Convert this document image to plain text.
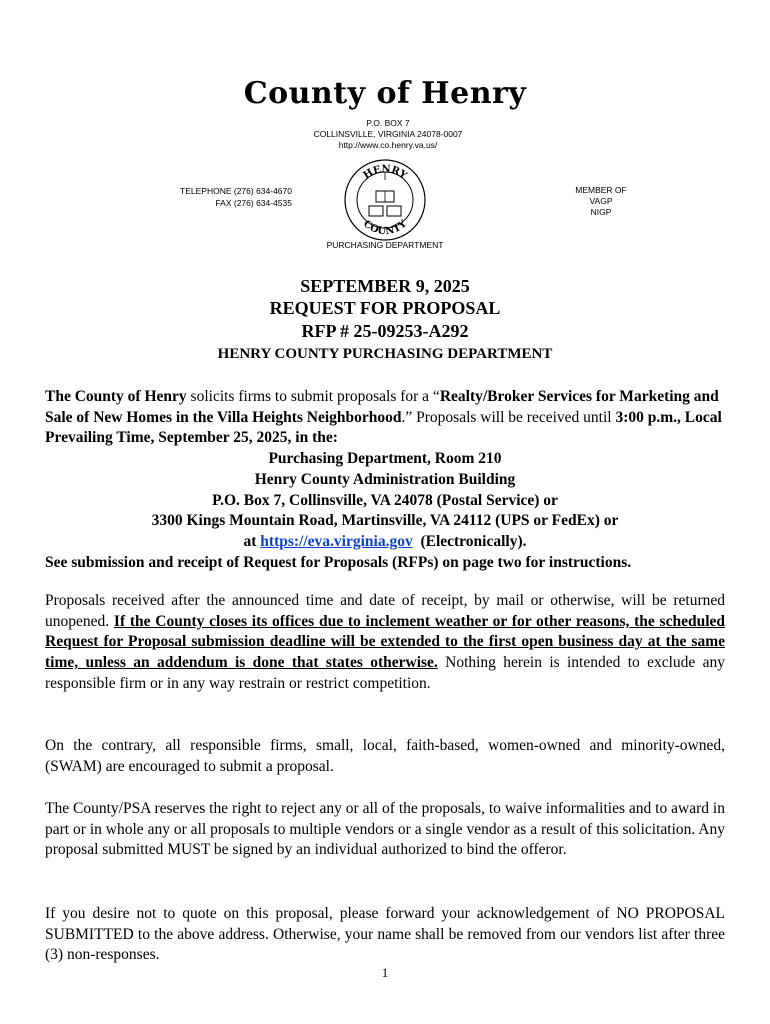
County of Henry
P.O. BOX 7
COLLINSVILLE, VIRGINIA 24078-0007
http://www.co.henry.va.us/
TELEPHONE (276) 634-4670
FAX (276) 634-4535
HENRY
COUNTY
MEMBER OF
VAGP
NIGP
PURCHASING DEPARTMENT
SEPTEMBER 9, 2025
REQUEST FOR PROPOSAL
RFP # 25-09253-A292
HENRY COUNTY PURCHASING DEPARTMENT
The County of Henry solicits firms to submit proposals for a “Realty/Broker Services for Marketing and Sale of New Homes in the Villa Heights Neighborhood.” Proposals will be received until 3:00 p.m., Local Prevailing Time, September 25, 2025, in the:
Purchasing Department, Room 210
Henry County Administration Building
P.O. Box 7, Collinsville, VA 24078 (Postal Service) or
3300 Kings Mountain Road, Martinsville, VA 24112 (UPS or FedEx) or
at https://eva.virginia.gov  (Electronically).
See submission and receipt of Request for Proposals (RFPs) on page two for instructions.
Proposals received after the announced time and date of receipt, by mail or otherwise, will be returned unopened. If the County closes its offices due to inclement weather or for other reasons, the scheduled Request for Proposal submission deadline will be extended to the first open business day at the same time, unless an addendum is done that states otherwise. Nothing herein is intended to exclude any responsible firm or in any way restrain or restrict competition.
On the contrary, all responsible firms, small, local, faith-based, women-owned and minority-owned, (SWAM) are encouraged to submit a proposal.
The County/PSA reserves the right to reject any or all of the proposals, to waive informalities and to award in part or in whole any or all proposals to multiple vendors or a single vendor as a result of this solicitation. Any proposal submitted MUST be signed by an individual authorized to bind the offeror.
If you desire not to quote on this proposal, please forward your acknowledgement of NO PROPOSAL SUBMITTED to the above address. Otherwise, your name shall be removed from our vendors list after three (3) non-responses.
1
